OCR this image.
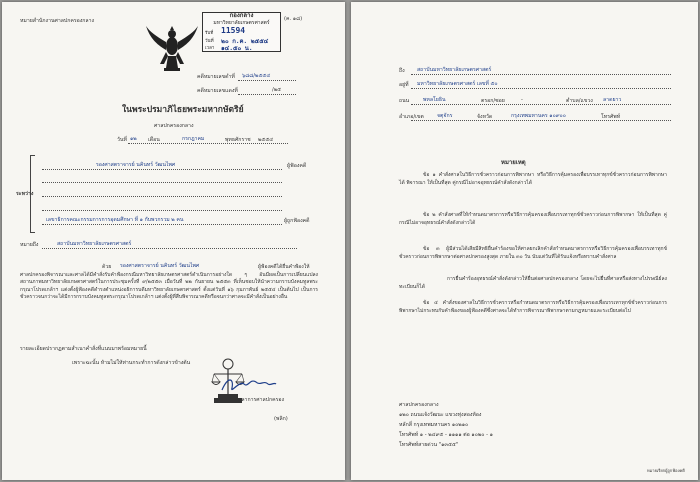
หมายสำนักงานศาลปกครองกลาง
กองกลาง
มหาวิทยาลัยเกษตรศาสตร์
รับที่ 11594
วันที่ ๒๐ ก.ค. ๒๕๕๔
เวลา ๑๔.๕๐ น.
(ค. ๑๘)
คดีหมายเลขดำที่ ๖๘๘/๒๕๕๔
คดีหมายเลขแดงที่	/๒๕
ในพระปรมาภิไธยพระมหากษัตริย์
ศาลปกครองกลาง
วันที่ ๑๒ เดือน	กรกฎาคม	พุทธศักราช ๒๕๕๔
ระหว่าง
รองศาสตราจารย์ นคินทร์ วัฒนไพศ	ผู้ฟ้องคดี
เลขาธิการคณะกรรมการการอุดมศึกษา ที่ ๑ กับพวกรวม ๒ คน	ผู้ถูกฟ้องคดี
หมายถึง	สถาบันมหาวิทยาลัยเกษตรศาสตร์
ด้วย รองศาสตราจารย์ นคินทร์ วัฒนไพศ	ผู้ฟ้องคดีได้ยื่นคำฟ้องให้ศาลปกครองพิจารณาและศาลได้มีคำสั่งรับคำฟ้องกรณีมหาวิทยาลัยเกษตรศาสตร์ดำเนินการอย่างใด ๆ อันมีผลเป็นการเปลี่ยนแปลงสถานภาพมหาวิทยาลัยเกษตรศาสตร์ในการประชุมครั้งที่ ๙/๒๕๕๓ เมื่อวันที่ ๒๒ กันยายน ๒๕๕๓ ที่เห็นชอบให้นำความกราบบังคมทูลพระกรุณาโปรดเกล้าฯ แต่งตั้งผู้ฟ้องคดีดำรงตำแหน่งอธิการบดีมหาวิทยาลัยเกษตรศาสตร์ ตั้งแต่วันที่ ๑๖ กุมภาพันธ์ ๒๕๕๔ เป็นต้นไป เป็นการชั่วคราวจนกว่าจะได้มีการกราบบังคมทูลพระกรุณาโปรดเกล้าฯ แต่งตั้งผู้ที่สืบพิจารณาคดีหรือจนกว่าศาลจะมีคำสั่งเป็นอย่างอื่น
รายละเอียดปรากฏตามสำเนาคำสั่งที่แนบมาพร้อมหมายนี้
เพราะฉะนั้น ห้ามไม่ให้ท่านกระทำการดังกล่าวข้างต้น
ตุลาการศาลปกครอง
(พลิก)
ถึง สถาบันมหาวิทยาลัยเกษตรศาสตร์
อยู่ที่ มหาวิทยาลัยเกษตรศาสตร์ เลขที่ ๕๐
ถนน	พหลโยธิน	ตรอก/ซอย	-	ตำบล/แขวง ลาดยาว
อำเภอ/เขต	จตุจักร	จังหวัด	กรุงเทพมหานคร ๑๐๙๐๐	โทรศัพท์
หมายเหตุ
ข้อ ๑ คำสั่งศาลในวิธีการชั่วคราวก่อนการพิพากษา หรือวิธีการคุ้มครองเพื่อบรรเทาทุกข์ชั่วคราวก่อนการพิพากษาได้ พิจารณา ให้เป็นที่สุด คู่กรณีไม่อาจอุทธรณ์คำสั่งดังกล่าวได้
ข้อ ๒ คำสั่งศาลที่ให้กำหนดมาตรการหรือวิธีการคุ้มครองเพื่อบรรเทาทุกข์ชั่วคราวก่อนการพิพากษา ให้เป็นที่สุด คู่กรณีไม่อาจอุทธรณ์คำสั่งดังกล่าวได้
ข้อ ๓ ผู้มีส่วนได้เสียมีสิทธิยื่นคำร้องขอให้ศาลยกเลิกคำสั่งกำหนดมาตรการหรือวิธีการคุ้มครองเพื่อบรรเทาทุกข์ชั่วคราวก่อนการพิพากษาต่อศาลปกครองสูงสุด ภายใน ๓๐ วัน นับแต่วันที่ได้รับแจ้งหรือทราบคำสั่งศาล
การยื่นคำร้องอุทธรณ์คำสั่งดังกล่าวให้ยื่นต่อศาลปกครองกลาง โดยจะไปยื่นที่ศาลหรือส่งทางไปรษณีย์ลงทะเบียนก็ได้
ข้อ ๔ คำสั่งของศาลในวิธีการชั่วคราวหรือกำหนดมาตรการหรือวิธีการคุ้มครองเพื่อบรรเทาทุกข์ชั่วคราวก่อนการพิพากษาไม่กระทบกับคำฟ้องของผู้ฟ้องคดีซึ่งศาลจะได้ทำการพิจารณาพิพากษาตามกฎหมายและระเบียบต่อไป
ศาลปกครองกลาง
๑๒๐ ถนนแจ้งวัฒนะ แขวงทุ่งสองห้อง
หลักสี่ กรุงเทพมหานคร ๑๐๒๑๐
โทรศัพท์ ๑ - ๒๔๙๕ - ๑๑๑๑ ต่อ ๑๐๒๐ - ๑
โทรศัพท์สายด่วน "๑๓๕๕"
หมายเรียกผู้ถูกฟ้องคดี
